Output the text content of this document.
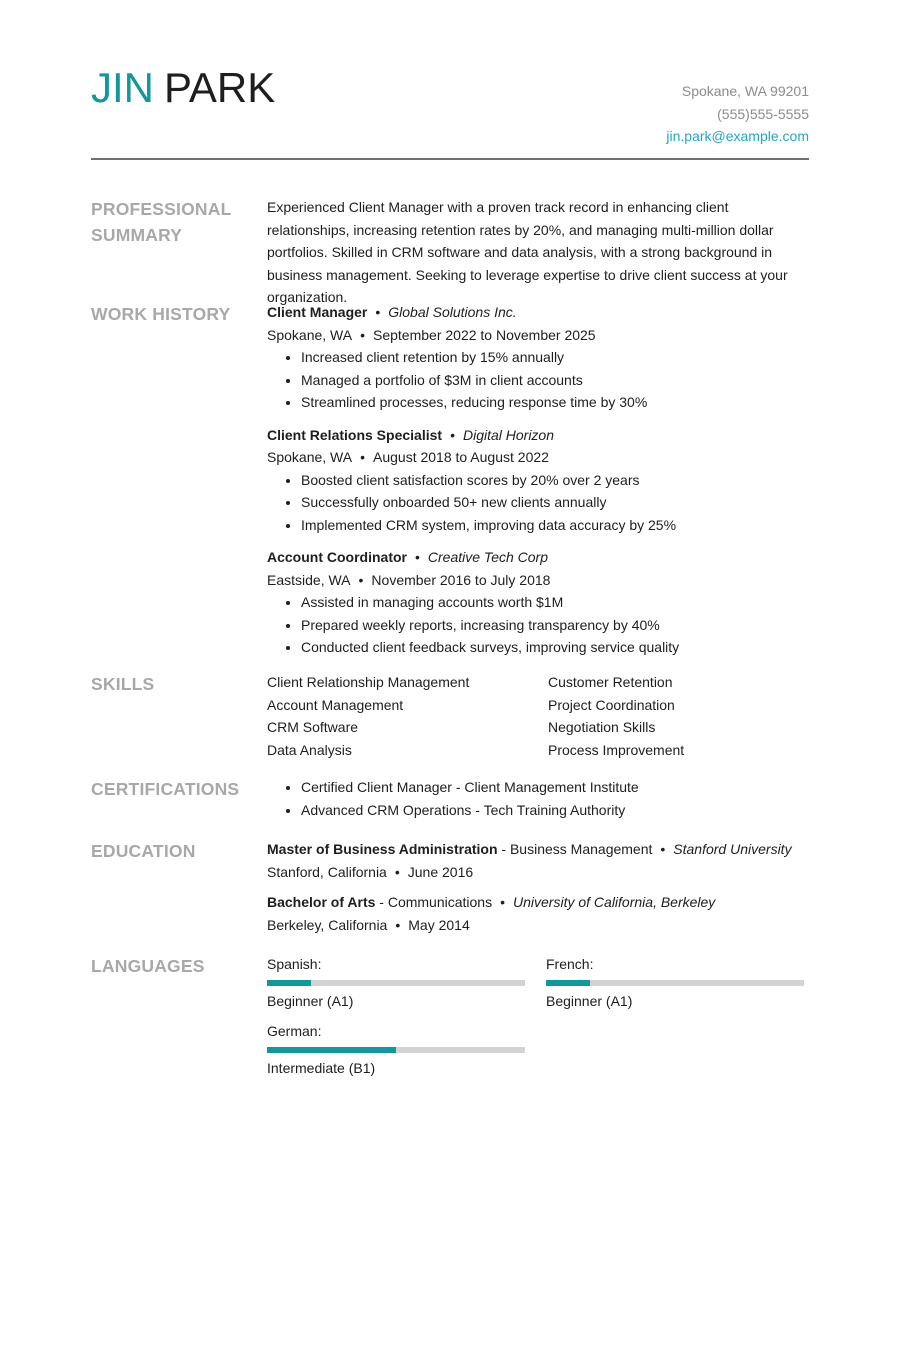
JIN PARK	Spokane, WA 99201
(555)555-5555
jin.park@example.com
PROFESSIONAL SUMMARY

Experienced Client Manager with a proven track record in enhancing client relationships, increasing retention rates by 20%, and managing multi-million dollar portfolios. Skilled in CRM software and data analysis, with a strong background in business management. Seeking to leverage expertise to drive client success at your organization.

WORK HISTORY	Client Manager • Global Solutions Inc.
Spokane, WA • September 2022 to November 2025
• Increased client retention by 15% annually
• Managed a portfolio of $3M in client accounts
• Streamlined processes, reducing response time by 30%
Client Relations Specialist • Digital Horizon
Spokane, WA • August 2018 to August 2022
• Boosted client satisfaction scores by 20% over 2 years
• Successfully onboarded 50+ new clients annually
• Implemented CRM system, improving data accuracy by 25%
Account Coordinator • Creative Tech Corp
Eastside, WA • November 2016 to July 2018
• Assisted in managing accounts worth $1M
• Prepared weekly reports, increasing transparency by 40%
• Conducted client feedback surveys, improving service quality
SKILLS	Client Relationship Management	Customer Retention
Account Management	Project Coordination
CRM Software	Negotiation Skills
Data Analysis	Process Improvement
CERTIFICATIONS
•	Certified Client Manager - Client Management Institute
• Advanced CRM Operations - Tech Training Authority
EDUCATION	Master of Business Administration - Business Management • Stanford University
Stanford, California • June 2016
Bachelor of Arts - Communications • University of California, Berkeley
Berkeley, California • May 2014
LANGUAGES	Spanish:
Beginner (A1)
French:
Beginner (A1)
German:
Intermediate (B1)
